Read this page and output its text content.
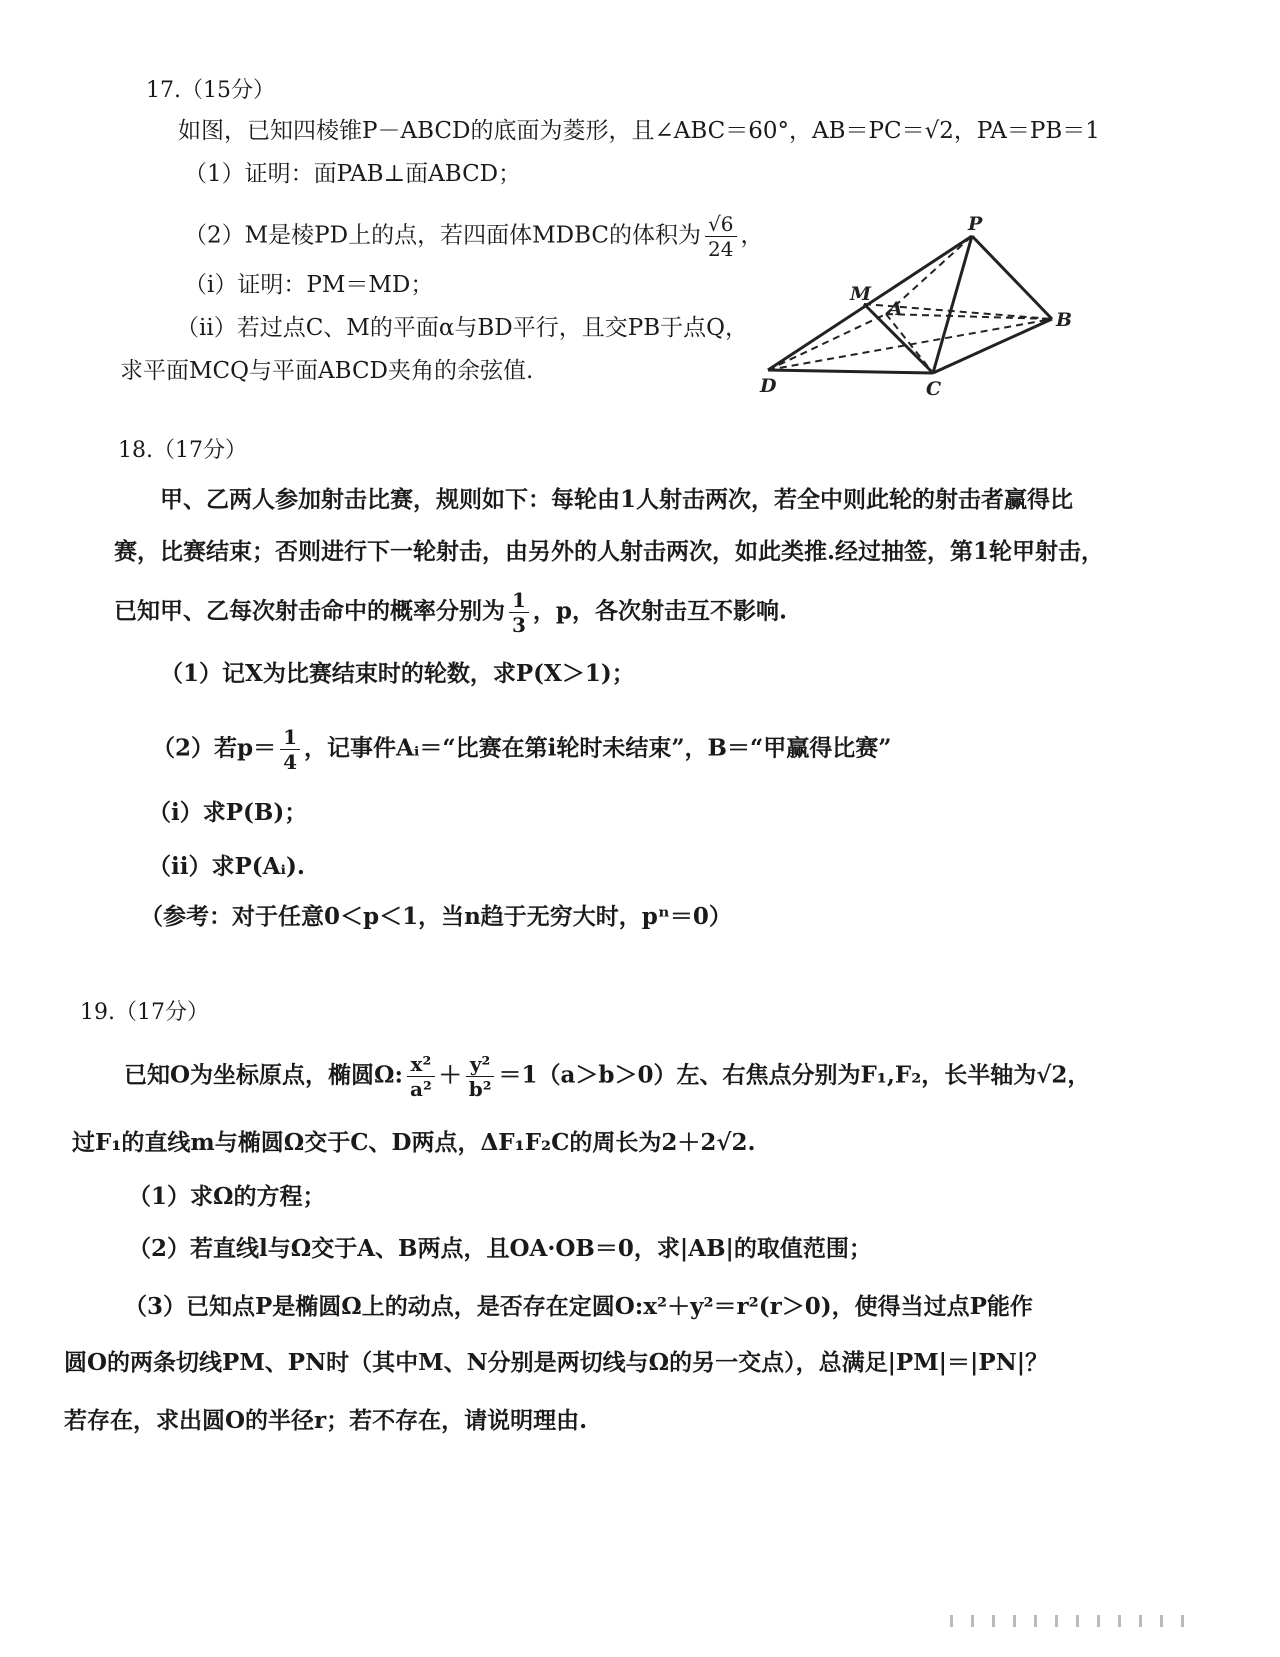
17.（15分）
如图，已知四棱锥P－ABCD的底面为菱形，且∠ABC＝60°，AB＝PC＝√2，PA＝PB＝1
（1）证明：面PAB⊥面ABCD；
（2）M是棱PD上的点，若四面体MDBC的体积为 $\frac{√6}{24}$ ，
（i）证明：PM＝MD；
（ii）若过点C、M的平面α与BD平行，且交PB于点Q，
求平面MCQ与平面ABCD夹角的余弦值.
P
M
A	B
C
D
18.（17分）
甲、乙两人参加射击比赛，规则如下：每轮由1人射击两次，若全中则此轮的射击者赢得比
赛，比赛结束；否则进行下一轮射击，由另外的人射击两次，如此类推.经过抽签，第1轮甲射击，
已知甲、乙每次射击命中的概率分别为 $\frac{1}{3}$ ，p，各次射击互不影响.
（1）记X为比赛结束时的轮数，求P(X＞1)；
（2）若$p= \frac{1}{4}$ ，记事件Aᵢ＝“比赛在第i轮时未结束”，B＝“甲赢得比赛”
（i）求P(B)；
（ii）求P(Aᵢ).
（参考：对于任意0＜p＜1，当n趋于无穷大时，pⁿ＝0）
19.（17分）
已知O为坐标原点，椭圆Ω: $\frac{\text{x²}}{\text{a²}} + \frac{\text{y²}}{\text{b²}} =1(a>b>0)$左、右焦点分别为F₁,F₂，长半轴为√2，
过F₁的直线m与椭圆Ω交于C、D两点，ΔF₁F₂C的周长为2＋2√2.
（1）求Ω的方程；
（2）若直线l与Ω交于A、B两点，且OA·OB＝0，求|AB|的取值范围；
（3）已知点P是椭圆Ω上的动点，是否存在定圆O:x²＋y²＝r²(r＞0)，使得当过点P能作
圆O的两条切线PM、PN时（其中M、N分别是两切线与Ω的另一交点），总满足|PM|＝|PN|？
若存在，求出圆O的半径r；若不存在，请说明理由.
